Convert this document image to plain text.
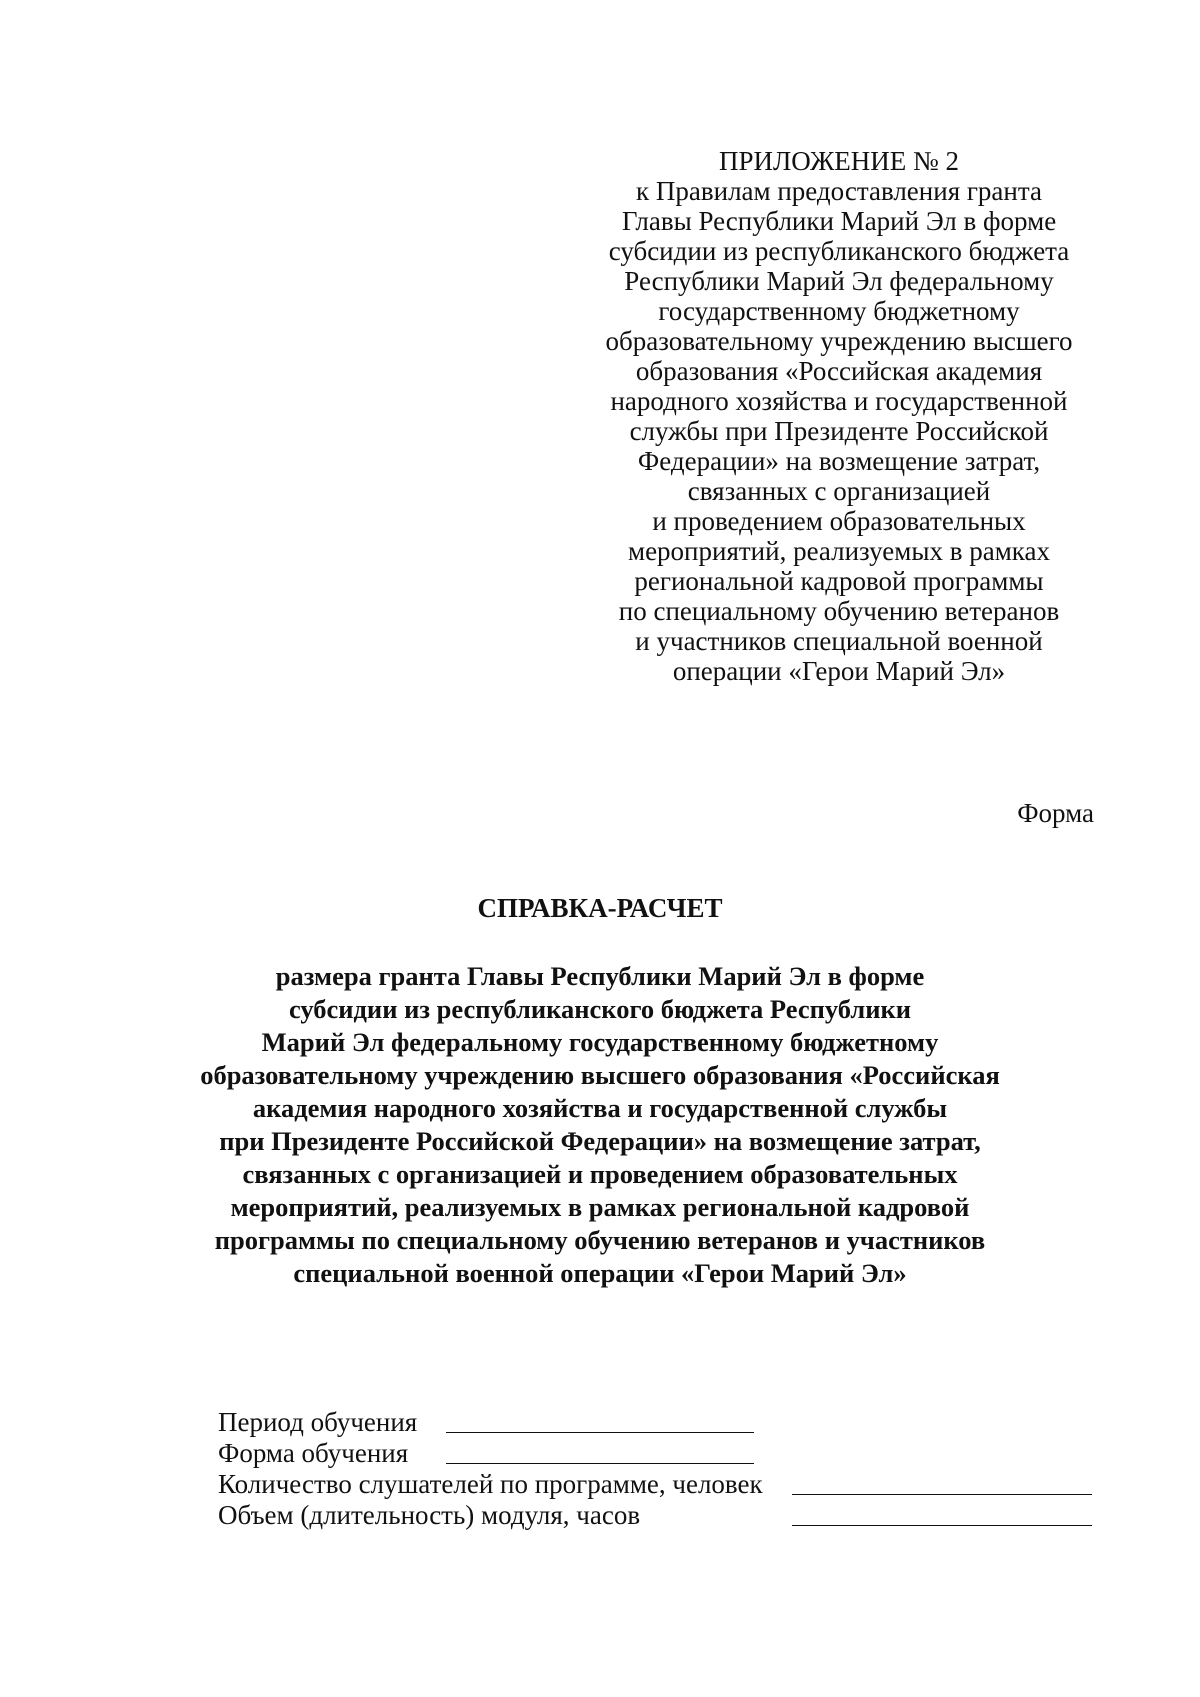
ПРИЛОЖЕНИЕ № 2
к Правилам предоставления гранта
Главы Республики Марий Эл в форме
субсидии из республиканского бюджета
Республики Марий Эл федеральному
государственному бюджетному
образовательному учреждению высшего
образования «Российская академия
народного хозяйства и государственной
службы при Президенте Российской
Федерации» на возмещение затрат,
связанных с организацией
и проведением образовательных
мероприятий, реализуемых в рамках
региональной кадровой программы
по специальному обучению ветеранов
и участников специальной военной
операции «Герои Марий Эл»
Форма
СПРАВКА-РАСЧЕТ
размера гранта Главы Республики Марий Эл в форме
субсидии из республиканского бюджета Республики
Марий Эл федеральному государственному бюджетному
образовательному учреждению высшего образования «Российская
академия народного хозяйства и государственной службы
при Президенте Российской Федерации» на возмещение затрат,
связанных с организацией и проведением образовательных
мероприятий, реализуемых в рамках региональной кадровой
программы по специальному обучению ветеранов и участников
специальной военной операции «Герои Марий Эл»
Период обучения
Форма обучения
Количество слушателей по программе, человек
Объем (длительность) модуля, часов
